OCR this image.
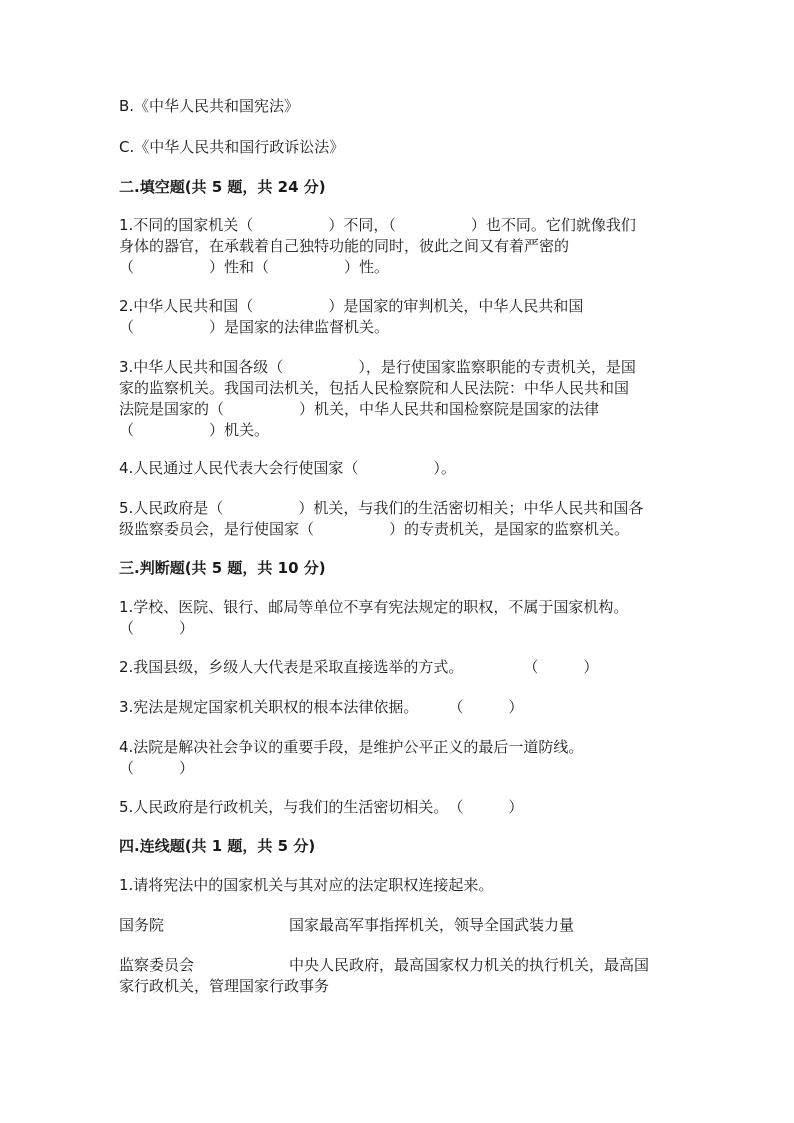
B.《中华人民共和国宪法》
C.《中华人民共和国行政诉讼法》
二.填空题(共 5 题，共 24 分)
1.不同的国家机关（　　　　　）不同，（　　　　　）也不同。它们就像我们
身体的器官，在承载着自己独特功能的同时，彼此之间又有着严密的
（　　　　　）性和（　　　　　）性。
2.中华人民共和国（　　　　　）是国家的审判机关，中华人民共和国
（　　　　　）是国家的法律监督机关。
3.中华人民共和国各级（　　　　　），是行使国家监察职能的专责机关，是国
家的监察机关。我国司法机关，包括人民检察院和人民法院：中华人民共和国
法院是国家的（　　　　　）机关，中华人民共和国检察院是国家的法律
（　　　　　）机关。
4.人民通过人民代表大会行使国家（　　　　　）。
5.人民政府是（　　　　　）机关，与我们的生活密切相关；中华人民共和国各
级监察委员会，是行使国家（　　　　　）的专责机关，是国家的监察机关。
三.判断题(共 5 题，共 10 分)
1.学校、医院、银行、邮局等单位不享有宪法规定的职权，不属于国家机构。
（　　　）
2.我国县级，乡级人大代表是采取直接选举的方式。　　　　　（　　　）
3.宪法是规定国家机关职权的根本法律依据。　　　（　　　）
4.法院是解决社会争议的重要手段，是维护公平正义的最后一道防线。
（　　　）
5.人民政府是行政机关，与我们的生活密切相关。　（　　　）
四.连线题(共 1 题，共 5 分)
1.请将宪法中的国家机关与其对应的法定职权连接起来。
国务院	国家最高军事指挥机关，领导全国武装力量
监察委员会	中央人民政府，最高国家权力机关的执行机关，最高国
家行政机关，管理国家行政事务
